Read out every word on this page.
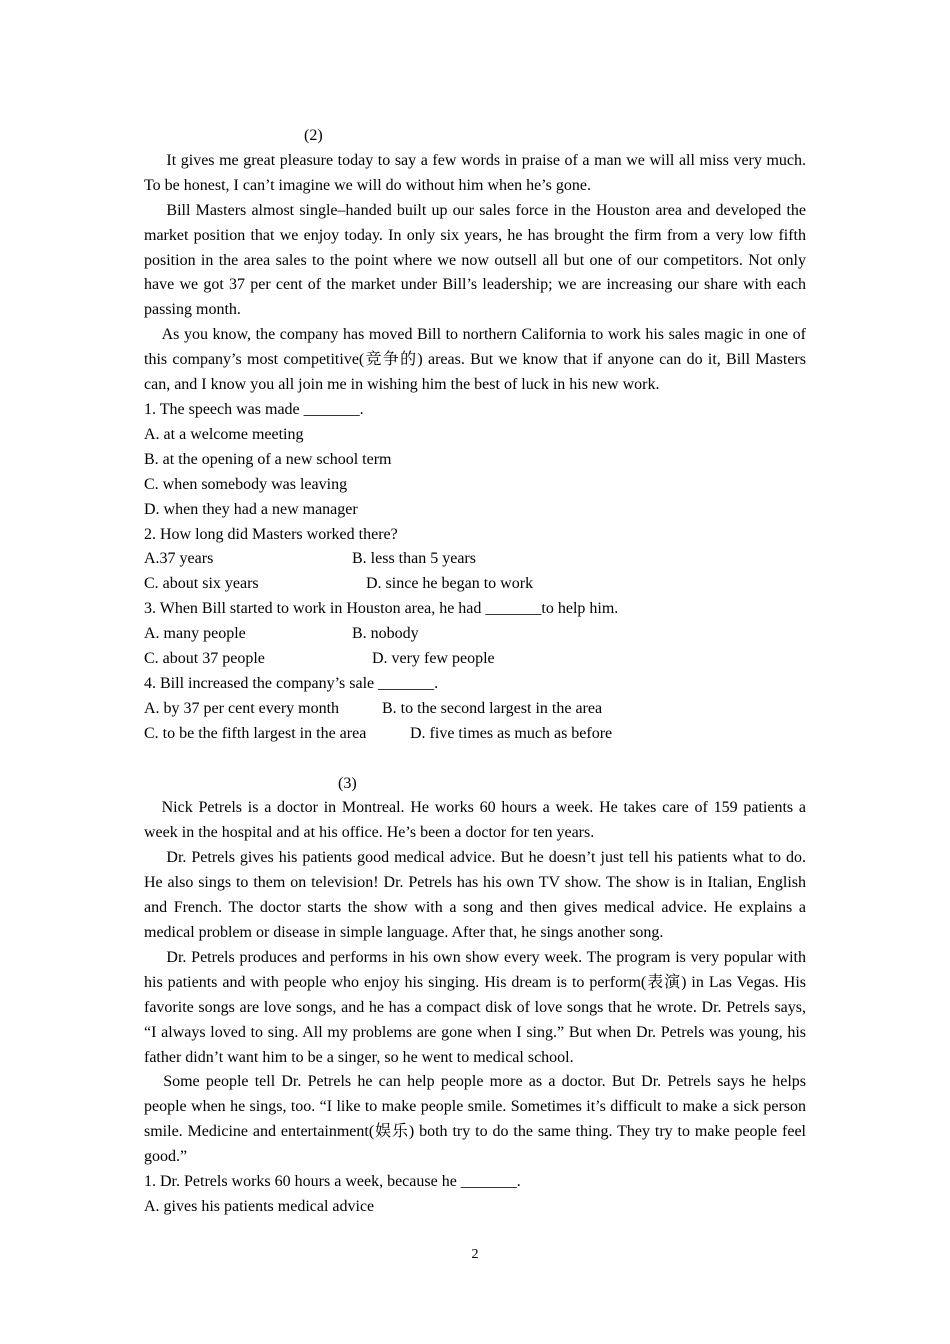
(2)

It gives me great pleasure today to say a few words in praise of a man we will all miss very much. To be honest, I can’t imagine we will do without him when he’s gone.

Bill Masters almost single–handed built up our sales force in the Houston area and developed the market position that we enjoy today. In only six years, he has brought the firm from a very low fifth position in the area sales to the point where we now outsell all but one of our competitors. Not only have we got 37 per cent of the market under Bill’s leadership; we are increasing our share with each passing month.

As you know, the company has moved Bill to northern California to work his sales magic in one of this company’s most competitive(竞争的) areas. But we know that if anyone can do it, Bill Masters can, and I know you all join me in wishing him the best of luck in his new work.

1. The speech was made _______.

A. at a welcome meeting

B. at the opening of a new school term

C. when somebody was leaving

D. when they had a new manager

2. How long did Masters worked there?

A.37 years	B. less than 5 years

C. about six years	D. since he began to work

3. When Bill started to work in Houston area, he had _______to help him.

A. many people	B. nobody

C. about 37 people	D. very few people

4. Bill increased the company’s sale _______.

A. by 37 per cent every month	B. to the second largest in the area

C. to be the fifth largest in the area	D. five times as much as before

(3)

Nick Petrels is a doctor in Montreal. He works 60 hours a week. He takes care of 159 patients a week in the hospital and at his office. He’s been a doctor for ten years.

Dr. Petrels gives his patients good medical advice. But he doesn’t just tell his patients what to do. He also sings to them on television! Dr. Petrels has his own TV show. The show is in Italian, English and French. The doctor starts the show with a song and then gives medical advice. He explains a medical problem or disease in simple language. After that, he sings another song.

Dr. Petrels produces and performs in his own show every week. The program is very popular with his patients and with people who enjoy his singing. His dream is to perform(表演) in Las Vegas. His favorite songs are love songs, and he has a compact disk of love songs that he wrote. Dr. Petrels says, “I always loved to sing. All my problems are gone when I sing.” But when Dr. Petrels was young, his father didn’t want him to be a singer, so he went to medical school.

Some people tell Dr. Petrels he can help people more as a doctor. But Dr. Petrels says he helps people when he sings, too. “I like to make people smile. Sometimes it’s difficult to make a sick person smile. Medicine and entertainment(娱乐) both try to do the same thing. They try to make people feel good.”

1. Dr. Petrels works 60 hours a week, because he _______.

A. gives his patients medical advice

2
